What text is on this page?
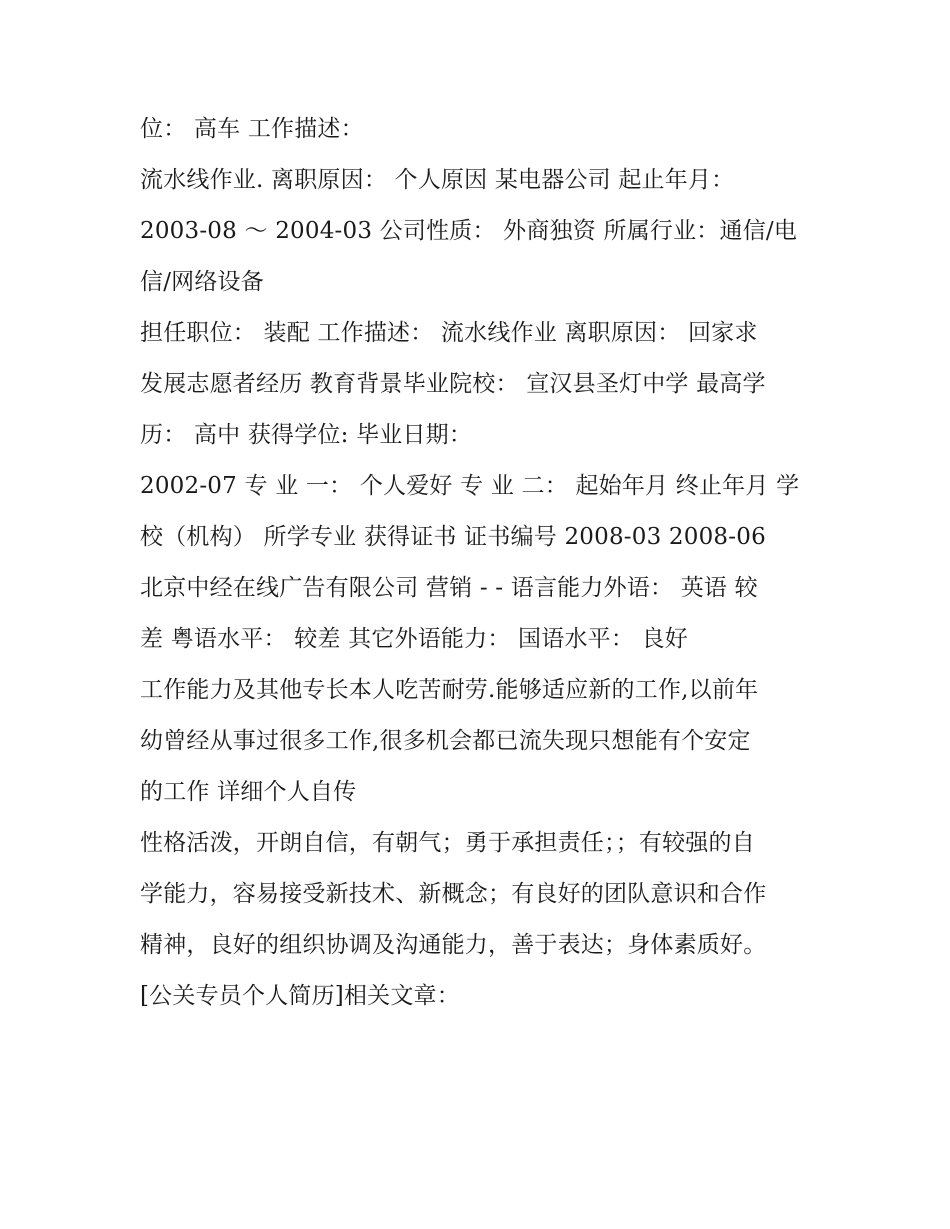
位： 高车 工作描述：
流水线作业. 离职原因： 个人原因 某电器公司 起止年月：
2003-08 ～ 2004-03 公司性质： 外商独资 所属行业：通信/电
信/网络设备
担任职位： 装配 工作描述： 流水线作业 离职原因： 回家求
发展志愿者经历 教育背景毕业院校： 宣汉县圣灯中学 最高学
历： 高中 获得学位: 毕业日期：
2002-07 专 业 一： 个人爱好 专 业 二： 起始年月 终止年月 学
校（机构） 所学专业 获得证书 证书编号 2008-03 2008-06
北京中经在线广告有限公司 营销 - - 语言能力外语： 英语 较
差 粤语水平： 较差 其它外语能力： 国语水平： 良好
工作能力及其他专长本人吃苦耐劳.能够适应新的工作,以前年
幼曾经从事过很多工作,很多机会都已流失现只想能有个安定
的工作 详细个人自传
性格活泼，开朗自信，有朝气；勇于承担责任；；有较强的自
学能力，容易接受新技术、新概念；有良好的团队意识和合作
精神，良好的组织协调及沟通能力，善于表达；身体素质好。
[公关专员个人简历]相关文章：
